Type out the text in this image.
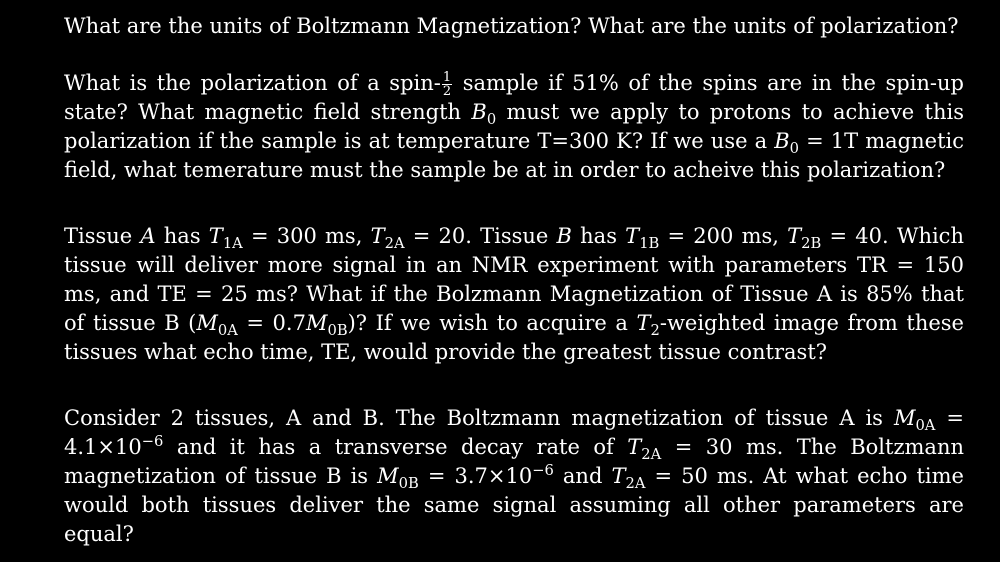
What are the units of Boltzmann Magnetization? What are the units of polarization?

What is the polarization of a spin- $\frac{1}{2}$ sample if 51% of the spins are in the spin-up state? What magnetic field strength $B_0$ must we apply to protons to achieve this polarization if the sample is at temperature T=300 K? If we use a $B_0 = 1T$ magnetic field, what temerature must the sample be at in order to acheive this polarization?

Tissue A has $T_{1A} = 300$ ms, $T_{2A} = 20$. Tissue B has $T_{1B} = 200$ ms, $T_{2B} = 40$. Which tissue will deliver more signal in an NMR experiment with parameters TR = 150 ms, and TE = 25 ms? What if the Bolzmann Magnetization of Tissue A is 85% that of tissue B $(M_{0A} = 0.7M_{0B})$? If we wish to acquire a $T_2$-weighted image from these tissues what echo time, TE, would provide the greatest tissue contrast?

Consider 2 tissues, A and B. The Boltzmann magnetization of tissue A is $M_{0A} = 4.1\times 10^{-6}$ and it has a transverse decay rate of $T_{2A} = 30$ ms. The Boltzmann magnetization of tissue B is $M_{0B} = 3.7\times 10^{-6}$ and $T_{2A} = 50$ ms. At what echo time would both tissues deliver the same signal assuming all other parameters are equal?
